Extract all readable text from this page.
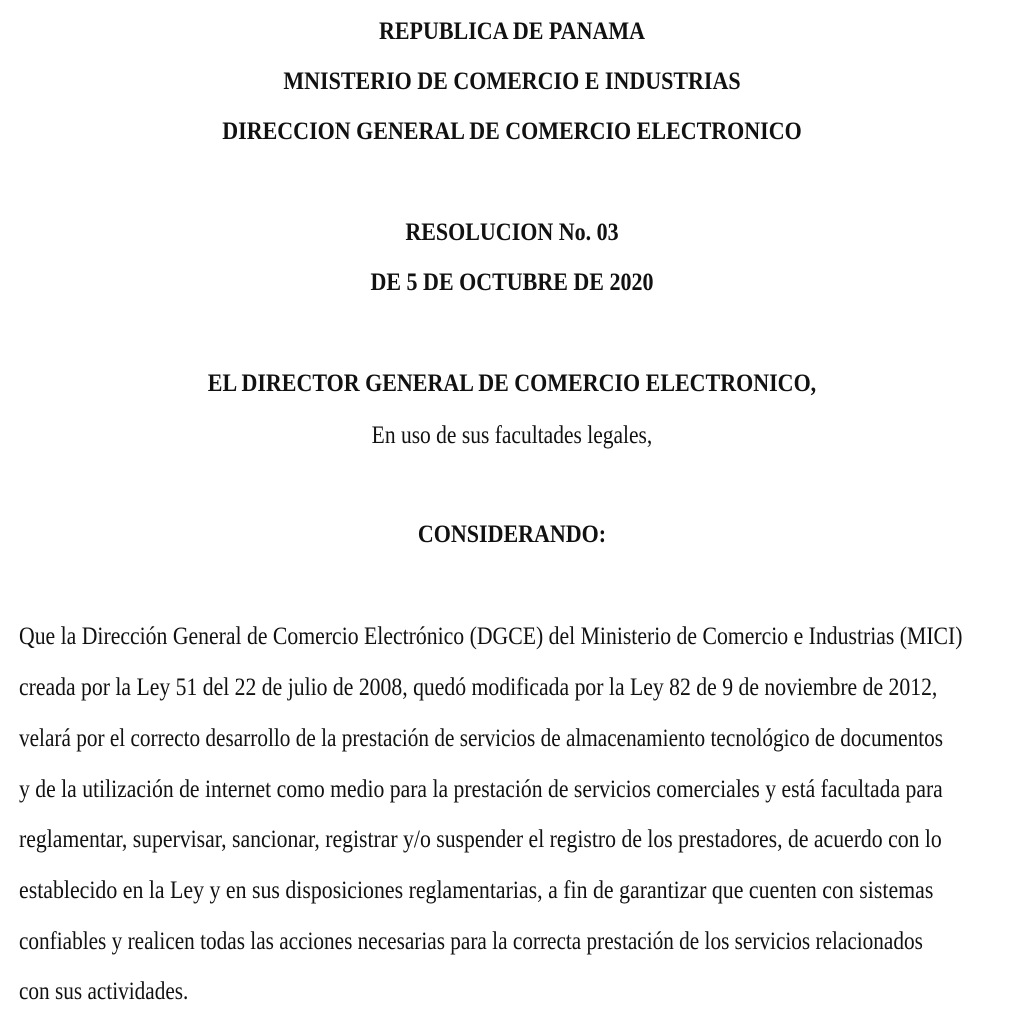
REPUBLICA DE PANAMA
MNISTERIO DE COMERCIO E INDUSTRIAS
DIRECCION GENERAL DE COMERCIO ELECTRONICO
RESOLUCION No. 03
DE 5 DE OCTUBRE DE 2020
EL DIRECTOR GENERAL DE COMERCIO ELECTRONICO,
En uso de sus facultades legales,
CONSIDERANDO:
Que la Dirección General de Comercio Electrónico (DGCE) del Ministerio de Comercio e Industrias (MICI)
creada por la Ley 51 del 22 de julio de 2008, quedó modificada por la Ley 82 de 9 de noviembre de 2012,
velará por el correcto desarrollo de la prestación de servicios de almacenamiento tecnológico de documentos
y de la utilización de internet como medio para la prestación de servicios comerciales y está facultada para
reglamentar, supervisar, sancionar, registrar y/o suspender el registro de los prestadores, de acuerdo con lo
establecido en la Ley y en sus disposiciones reglamentarias, a fin de garantizar que cuenten con sistemas
confiables y realicen todas las acciones necesarias para la correcta prestación de los servicios relacionados
con sus actividades.
